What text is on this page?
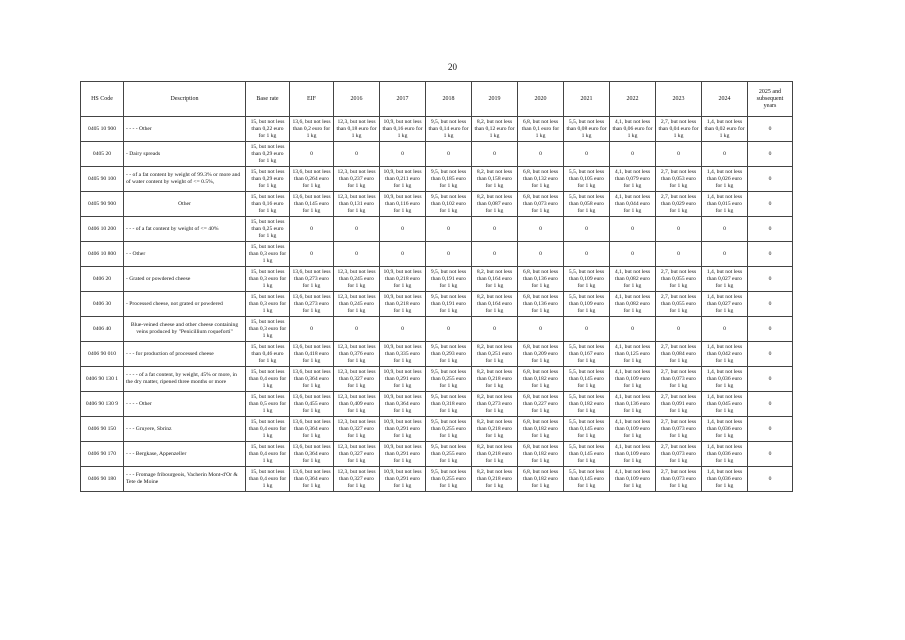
20
HS Code	Description	Base rate	EIF	2016	2017	2018	2019	2020	2021	2022	2023	2024	2025 and subsequent years
0405 10 900	- - - - Other	15, but not less than 0,22 euro for 1 kg	13,6, but not less than 0,2 euro for 1 kg	12,3, but not less than 0,18 euro for 1 kg	10,9, but not less than 0,16 euro for 1 kg	9,5, but not less than 0,14 euro for 1 kg	8,2, but not less than 0,12 euro for 1 kg	6,8, but not less than 0,1 euro for 1 kg	5,5, but not less than 0,08 euro for 1 kg	4,1, but not less than 0,06 euro for 1 kg	2,7, but not less than 0,04 euro for 1 kg	1,4, but not less than 0,02 euro for 1 kg	0
0405 20	- Dairy spreads	15, but not less than 0,29 euro for 1 kg	0	0	0	0	0	0	0	0	0	0	0
0405 90 100	- - of a fat content by weight of 99.3% or more and of water content by weight of <= 0.5%,	15, but not less than 0,29 euro for 1 kg	13,6, but not less than 0,264 euro for 1 kg	12,3, but not less than 0,237 euro for 1 kg	10,9, but not less than 0,211 euro for 1 kg	9,5, but not less than 0,185 euro for 1 kg	8,2, but not less than 0,158 euro for 1 kg	6,8, but not less than 0,132 euro for 1 kg	5,5, but not less than 0,105 euro for 1 kg	4,1, but not less than 0,079 euro for 1 kg	2,7, but not less than 0,053 euro for 1 kg	1,4, but not less than 0,026 euro for 1 kg	0
0405 90 900	Other	15, but not less than 0,16 euro for 1 kg	13,6, but not less than 0,145 euro for 1 kg	12,3, but not less than 0,131 euro for 1 kg	10,9, but not less than 0,116 euro for 1 kg	9,5, but not less than 0,102 euro for 1 kg	8,2, but not less than 0,087 euro for 1 kg	6,8, but not less than 0,073 euro for 1 kg	5,5, but not less than 0,058 euro for 1 kg	4,1, but not less than 0,044 euro for 1 kg	2,7, but not less than 0,029 euro for 1 kg	1,4, but not less than 0,015 euro for 1 kg	0
0406 10 200	- - - of a fat content by weight of <= 40%	15, but not less than 0,25 euro for 1 kg	0	0	0	0	0	0	0	0	0	0	0
0406 10 800	- - Other	15, but not less than 0,3 euro for 1 kg	0	0	0	0	0	0	0	0	0	0	0
0406 20	- Grated or powdered cheese	15, but not less than 0,3 euro for 1 kg	13,6, but not less than 0,273 euro for 1 kg	12,3, but not less than 0,245 euro for 1 kg	10,9, but not less than 0,218 euro for 1 kg	9,5, but not less than 0,191 euro for 1 kg	8,2, but not less than 0,164 euro for 1 kg	6,8, but not less than 0,136 euro for 1 kg	5,5, but not less than 0,109 euro for 1 kg	4,1, but not less than 0,082 euro for 1 kg	2,7, but not less than 0,055 euro for 1 kg	1,4, but not less than 0,027 euro for 1 kg	0
0406 30	- Processed cheese, not grated or powdered	15, but not less than 0,3 euro for 1 kg	13,6, but not less than 0,273 euro for 1 kg	12,3, but not less than 0,245 euro for 1 kg	10,9, but not less than 0,218 euro for 1 kg	9,5, but not less than 0,191 euro for 1 kg	8,2, but not less than 0,164 euro for 1 kg	6,8, but not less than 0,136 euro for 1 kg	5,5, but not less than 0,109 euro for 1 kg	4,1, but not less than 0,082 euro for 1 kg	2,7, but not less than 0,055 euro for 1 kg	1,4, but not less than 0,027 euro for 1 kg	0
0406 40	Blue-veined cheese and other cheese containing veins produced by "Penicillium roqueforti"	15, but not less than 0,3 euro for 1 kg	0	0	0	0	0	0	0	0	0	0	0
0406 90 010	- - - for production of processed cheese	15, but not less than 0,46 euro for 1 kg	13,6, but not less than 0,418 euro for 1 kg	12,3, but not less than 0,376 euro for 1 kg	10,9, but not less than 0,335 euro for 1 kg	9,5, but not less than 0,293 euro for 1 kg	8,2, but not less than 0,251 euro for 1 kg	6,8, but not less than 0,209 euro for 1 kg	5,5, but not less than 0,167 euro for 1 kg	4,1, but not less than 0,125 euro for 1 kg	2,7, but not less than 0,084 euro for 1 kg	1,4, but not less than 0,042 euro for 1 kg	0
0406 90 130 1	- - - - of a fat content, by weight, 45% or more, in the dry matter, ripened three months or more	15, but not less than 0,4 euro for 1 kg	13,6, but not less than 0,364 euro for 1 kg	12,3, but not less than 0,327 euro for 1 kg	10,9, but not less than 0,291 euro for 1 kg	9,5, but not less than 0,255 euro for 1 kg	8,2, but not less than 0,218 euro for 1 kg	6,8, but not less than 0,182 euro for 1 kg	5,5, but not less than 0,145 euro for 1 kg	4,1, but not less than 0,109 euro for 1 kg	2,7, but not less than 0,073 euro for 1 kg	1,4, but not less than 0,036 euro for 1 kg	0
0406 90 130 9	- - - - Other	15, but not less than 0,5 euro for 1 kg	13,6, but not less than 0,455 euro for 1 kg	12,3, but not less than 0,409 euro for 1 kg	10,9, but not less than 0,364 euro for 1 kg	9,5, but not less than 0,318 euro for 1 kg	8,2, but not less than 0,273 euro for 1 kg	6,8, but not less than 0,227 euro for 1 kg	5,5, but not less than 0,182 euro for 1 kg	4,1, but not less than 0,136 euro for 1 kg	2,7, but not less than 0,091 euro for 1 kg	1,4, but not less than 0,045 euro for 1 kg	0
0406 90 150	- - - Gruyere, Sbrinz	15, but not less than 0,4 euro for 1 kg	13,6, but not less than 0,364 euro for 1 kg	12,3, but not less than 0,327 euro for 1 kg	10,9, but not less than 0,291 euro for 1 kg	9,5, but not less than 0,255 euro for 1 kg	8,2, but not less than 0,218 euro for 1 kg	6,8, but not less than 0,182 euro for 1 kg	5,5, but not less than 0,145 euro for 1 kg	4,1, but not less than 0,109 euro for 1 kg	2,7, but not less than 0,073 euro for 1 kg	1,4, but not less than 0,036 euro for 1 kg	0
0406 90 170	- - - Bergkase, Appenzeller	15, but not less than 0,4 euro for 1 kg	13,6, but not less than 0,364 euro for 1 kg	12,3, but not less than 0,327 euro for 1 kg	10,9, but not less than 0,291 euro for 1 kg	9,5, but not less than 0,255 euro for 1 kg	8,2, but not less than 0,218 euro for 1 kg	6,8, but not less than 0,182 euro for 1 kg	5,5, but not less than 0,145 euro for 1 kg	4,1, but not less than 0,109 euro for 1 kg	2,7, but not less than 0,073 euro for 1 kg	1,4, but not less than 0,036 euro for 1 kg	0
0406 90 180	- - - Fromage fribourgeois, Vacherin Mont-d'Or & Tete de Moine	15, but not less than 0,4 euro for 1 kg	13,6, but not less than 0,364 euro for 1 kg	12,3, but not less than 0,327 euro for 1 kg	10,9, but not less than 0,291 euro for 1 kg	9,5, but not less than 0,255 euro for 1 kg	8,2, but not less than 0,218 euro for 1 kg	6,8, but not less than 0,182 euro for 1 kg	5,5, but not less than 0,145 euro for 1 kg	4,1, but not less than 0,109 euro for 1 kg	2,7, but not less than 0,073 euro for 1 kg	1,4, but not less than 0,036 euro for 1 kg	0
